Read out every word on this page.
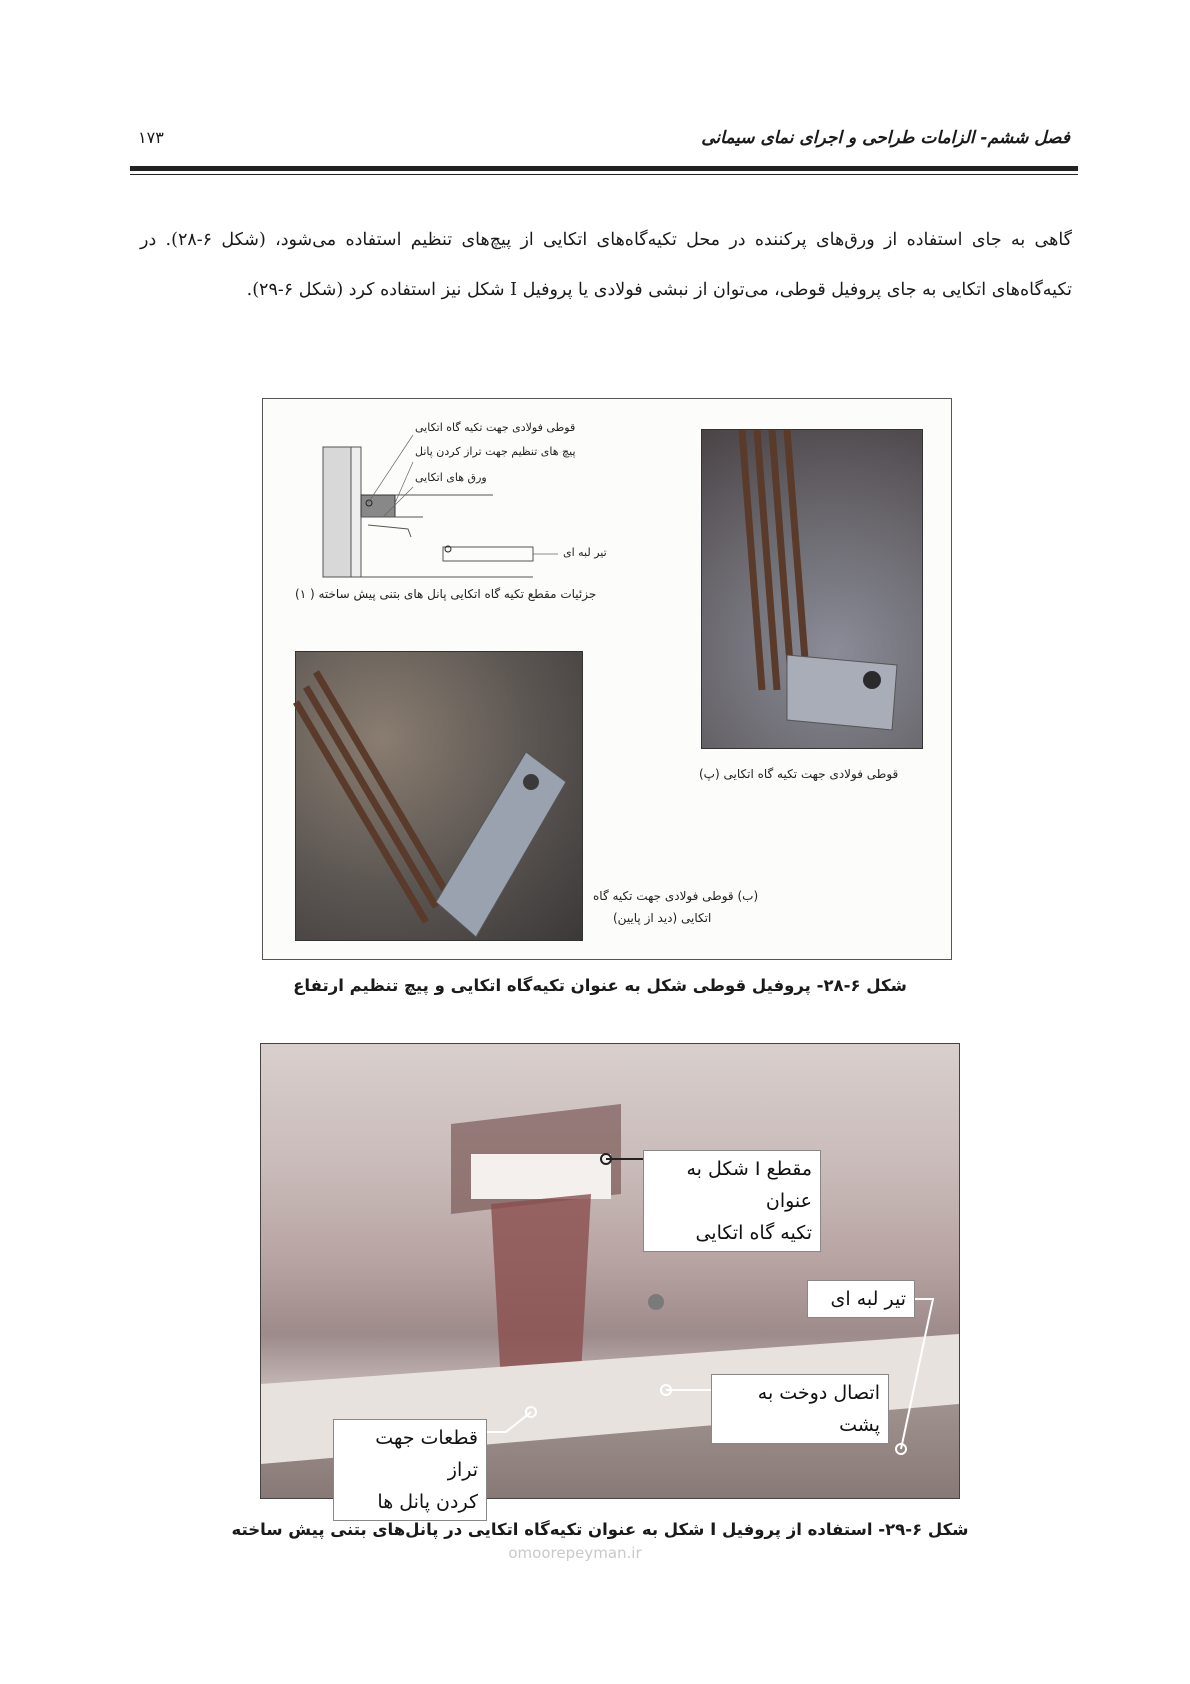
فصل ششم- الزامات طراحی و اجرای نمای سیمانی
۱۷۳
گاهی به جای استفاده از ورق‌های پرکننده در محل تکیه‌گاه‌های اتکایی از پیچ‌های تنظیم استفاده می‌شود، (شکل ۶-۲۸). در تکیه‌گاه‌های اتکایی به جای پروفیل قوطی، می‌توان از نبشی فولادی یا پروفیل I شکل نیز استفاده کرد (شکل ۶-۲۹).
قوطی فولادی جهت تکیه گاه اتکایی
پیچ های تنظیم جهت تراز کردن پانل
ورق های اتکایی
تیر لبه ای
جزئیات مقطع تکیه گاه اتکایی پانل های بتنی پیش ساخته ( ۱)
(ب) قوطی فولادی جهت تکیه گاه
اتکایی (دید از پایین)
قوطی فولادی جهت تکیه گاه اتکایی (پ)
شکل ۶-۲۸- پروفیل قوطی شکل به عنوان تکیه‌گاه اتکایی و پیچ تنظیم ارتفاع
مقطع I شکل به عنوان
تکیه گاه اتکایی
تیر لبه ای
اتصال دوخت به پشت
قطعات جهت تراز
کردن پانل ها
شکل ۶-۲۹- استفاده از پروفیل I شکل به عنوان تکیه‌گاه اتکایی در پانل‌های بتنی پیش ساخته
omoorepeyman.ir
